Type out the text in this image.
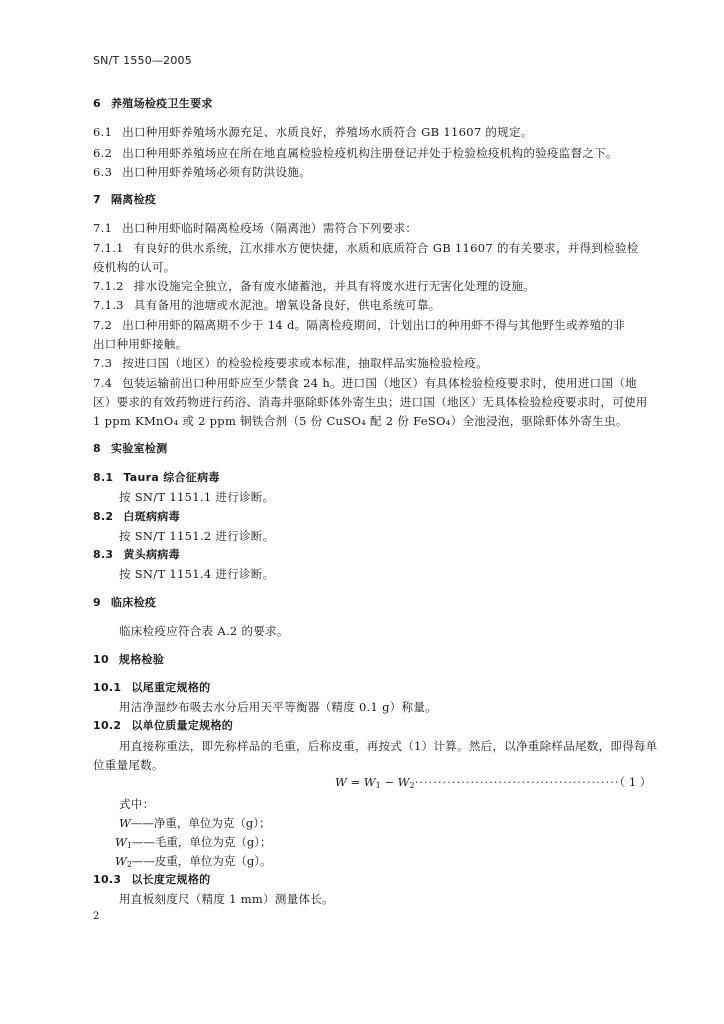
SN/T 1550—2005
6 养殖场检疫卫生要求
6.1 出口种用虾养殖场水源充足、水质良好，养殖场水质符合 GB 11607 的规定。
6.2 出口种用虾养殖场应在所在地直属检验检疫机构注册登记并处于检验检疫机构的验疫监督之下。
6.3 出口种用虾养殖场必须有防洪设施。
7 隔离检疫
7.1 出口种用虾临时隔离检疫场（隔离池）需符合下列要求：
7.1.1 有良好的供水系统，江水排水方便快捷，水质和底质符合 GB 11607 的有关要求，并得到检验检
疫机构的认可。
7.1.2 排水设施完全独立，备有废水储蓄池，并具有将废水进行无害化处理的设施。
7.1.3 具有备用的池塘或水泥池。增氧设备良好，供电系统可靠。
7.2 出口种用虾的隔离期不少于 14 d。隔离检疫期间，计划出口的种用虾不得与其他野生或养殖的非
出口种用虾接触。
7.3 按进口国（地区）的检验检疫要求或本标准，抽取样品实施检验检疫。
7.4 包装运输前出口种用虾应至少禁食 24 h。进口国（地区）有具体检验检疫要求时，使用进口国（地
区）要求的有效药物进行药浴、消毒并驱除虾体外寄生虫；进口国（地区）无具体检验检疫要求时，可使用
1 ppm KMnO₄ 或 2 ppm 铜铁合剂（5 份 CuSO₄ 配 2 份 FeSO₄）全池浸泡，驱除虾体外寄生虫。
8 实验室检测
8.1 Taura 综合征病毒
按 SN/T 1151.1 进行诊断。
8.2 白斑病病毒
按 SN/T 1151.2 进行诊断。
8.3 黄头病病毒
按 SN/T 1151.4 进行诊断。
9 临床检疫
临床检疫应符合表 A.2 的要求。
10 规格检验
10.1 以尾重定规格的
用洁净湿纱布吸去水分后用天平等衡器（精度 0.1 g）称量。
10.2 以单位质量定规格的
用直接称重法，即先称样品的毛重，后称皮重，再按式（1）计算。然后，以净重除样品尾数，即得每单
位重量尾数。
$W = W_1 - W_2\cdot\cdot\cdot\cdot\cdot\cdot\cdot\cdot\cdot\cdot\cdot\cdot\cdot\cdot\cdot\cdot\cdot\cdot\cdot\cdot\cdot\cdot\cdot\cdot\cdot\cdot\cdot\cdot\cdot\cdot\cdot\cdot\cdot\cdot\cdot\cdot\cdot\cdot\cdot\cdot\cdot\cdot\cdot\cdot$（ 1 ）
式中：
W——净重，单位为克（g）；
$W_1——$毛重，单位为克（g）；
$W_2——$皮重，单位为克（g）。
10.3 以长度定规格的
用直板刻度尺（精度 1 mm）测量体长。
2
